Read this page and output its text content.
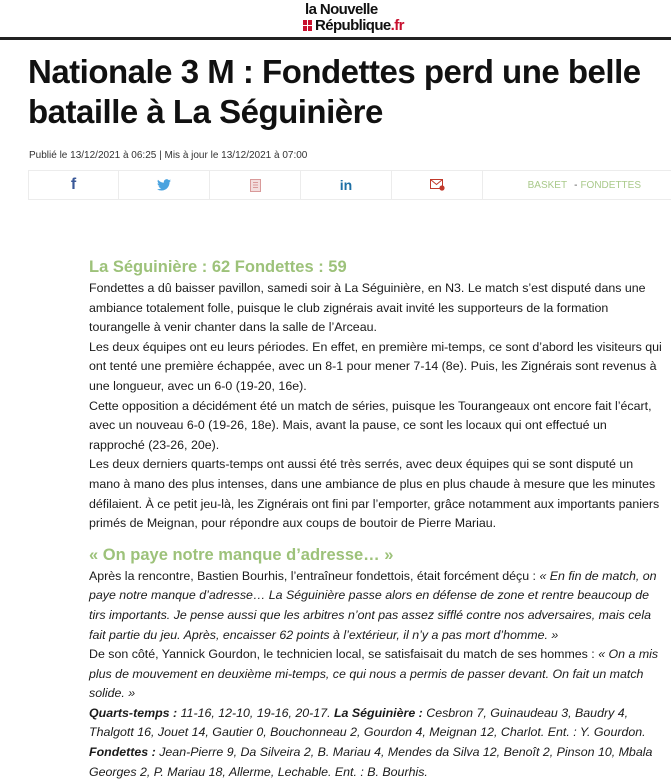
la Nouvelle
République.fr
Nationale 3 M : Fondettes perd une belle bataille à La Séguinière
Publié le 13/12/2021 à 06:25 | Mis à jour le 13/12/2021 à 07:00
f	in	BASKET - FONDETTES
La Séguinière : 62 Fondettes : 59

Fondettes a dû baisser pavillon, samedi soir à La Séguinière, en N3. Le match s’est disputé dans une ambiance totalement folle, puisque le club zignérais avait invité les supporteurs de la formation tourangelle à venir chanter dans la salle de l’Arceau.

Les deux équipes ont eu leurs périodes. En effet, en première mi-temps, ce sont d’abord les visiteurs qui ont tenté une première échappée, avec un 8-1 pour mener 7-14 (8e). Puis, les Zignérais sont revenus à une longueur, avec un 6-0 (19-20, 16e).

Cette opposition a décidément été un match de séries, puisque les Tourangeaux ont encore fait l’écart, avec un nouveau 6-0 (19-26, 18e). Mais, avant la pause, ce sont les locaux qui ont effectué un rapproché (23-26, 20e).

Les deux derniers quarts-temps ont aussi été très serrés, avec deux équipes qui se sont disputé un mano à mano des plus intenses, dans une ambiance de plus en plus chaude à mesure que les minutes défilaient. À ce petit jeu-là, les Zignérais ont fini par l’emporter, grâce notamment aux importants paniers primés de Meignan, pour répondre aux coups de boutoir de Pierre Mariau.

« On paye notre manque d’adresse… »

Après la rencontre, Bastien Bourhis, l’entraîneur fondettois, était forcément déçu : « En fin de match, on paye notre manque d’adresse… La Séguinière passe alors en défense de zone et rentre beaucoup de tirs importants. Je pense aussi que les arbitres n’ont pas assez sifflé contre nos adversaires, mais cela fait partie du jeu. Après, encaisser 62 points à l’extérieur, il n’y a pas mort d’homme. »

De son côté, Yannick Gourdon, le technicien local, se satisfaisait du match de ses hommes : « On a mis plus de mouvement en deuxième mi-temps, ce qui nous a permis de passer devant. On fait un match solide. »

Quarts-temps : 11-16, 12-10, 19-16, 20-17. La Séguinière : Cesbron 7, Guinaudeau 3, Baudry 4, Thalgott 16, Jouet 14, Gautier 0, Bouchonneau 2, Gourdon 4, Meignan 12, Charlot. Ent. : Y. Gourdon.

Fondettes : Jean-Pierre 9, Da Silveira 2, B. Mariau 4, Mendes da Silva 12, Benoît 2, Pinson 10, Mbala Georges 2, P. Mariau 18, Allerme, Lechable. Ent. : B. Bourhis.
